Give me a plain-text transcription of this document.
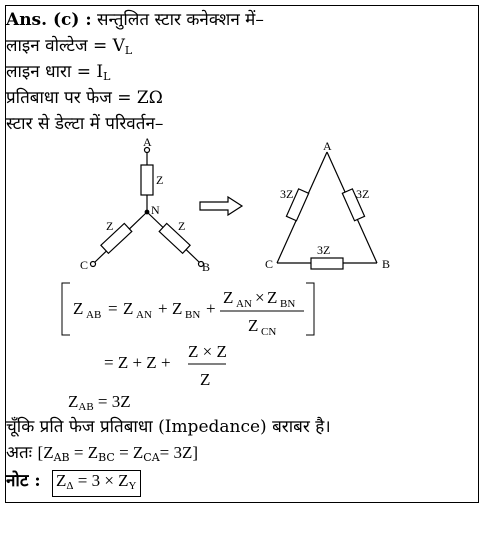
Ans. (c) : सन्तुलित स्टार कनेक्शन में–
लाइन वोल्टेज = $V_L$
लाइन धारा = $I_L$
प्रतिबाधा पर फेज = ZΩ
स्टार से डेल्टा में परिवर्तन–
A
Z
N
Z	Z
C	B
A
3Z	3Z
3Z
C	B
Z AB = Z AN + Z BN +
Z AN × Z BN
Z CN
= Z + Z +
Z × Z
Z
$Z_{AB} = 3Z$
चूँकि प्रति फेज प्रतिबाधा (Impedance) बराबर है।
अतः $[Z_{AB} = Z_{BC} = Z_{CA}= 3Z]$
नोट : $Z_\Delta = 3 \times Z_Y$
